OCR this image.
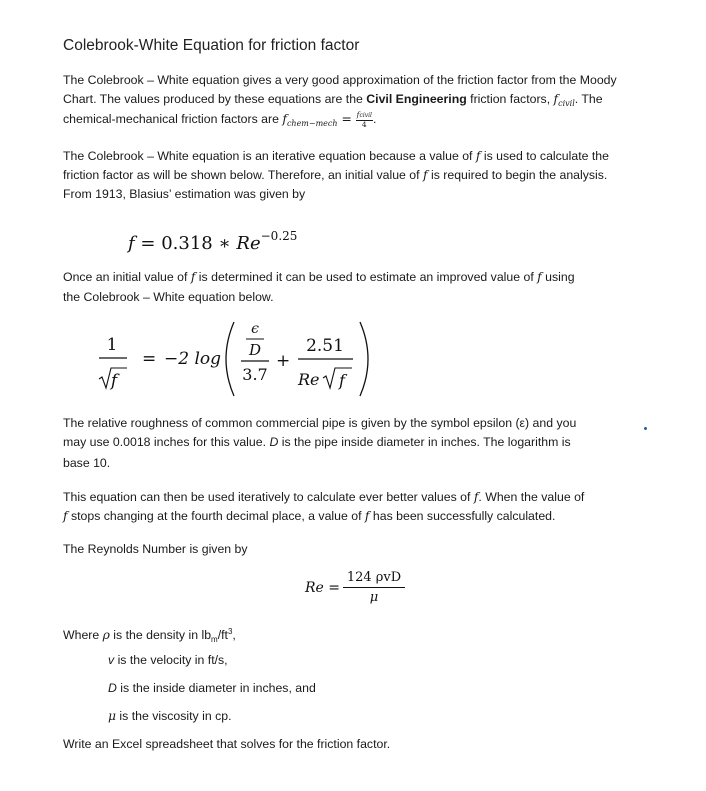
Colebrook-White Equation for friction factor
The Colebrook – White equation gives a very good approximation of the friction factor from the Moody
Chart. The values produced by these equations are the Civil Engineering friction factors, $f_{civil}$. The
chemical-mechanical friction factors are $f_{chem-mech} = \frac{\text{fcivil}}{4}$ .
The Colebrook – White equation is an iterative equation because a value of f is used to calculate the
friction factor as will be shown below. Therefore, an initial value of f is required to begin the analysis.
From 1913, Blasius’ estimation was given by
f = 0.318 ∗ $Re^{-0.25}$
Once an initial value of f is determined it can be used to estimate an improved value of f using
the Colebrook – White equation below.
1
f
= −2 log
ϵ
D
3.7
+
2.51
Re f
The relative roughness of common commercial pipe is given by the symbol epsilon (ε) and you
may use 0.0018 inches for this value. D is the pipe inside diameter in inches. The logarithm is
base 10.
This equation can then be used iteratively to calculate ever better values of f. When the value of
f stops changing at the fourth decimal place, a value of f has been successfully calculated.
The Reynolds Number is given by
Re =
124 ρvD
μ
Where ρ is the density in $lb_m/ft^3$,
v is the velocity in ft/s,
D is the inside diameter in inches, and
μ is the viscosity in cp.
Write an Excel spreadsheet that solves for the friction factor.
